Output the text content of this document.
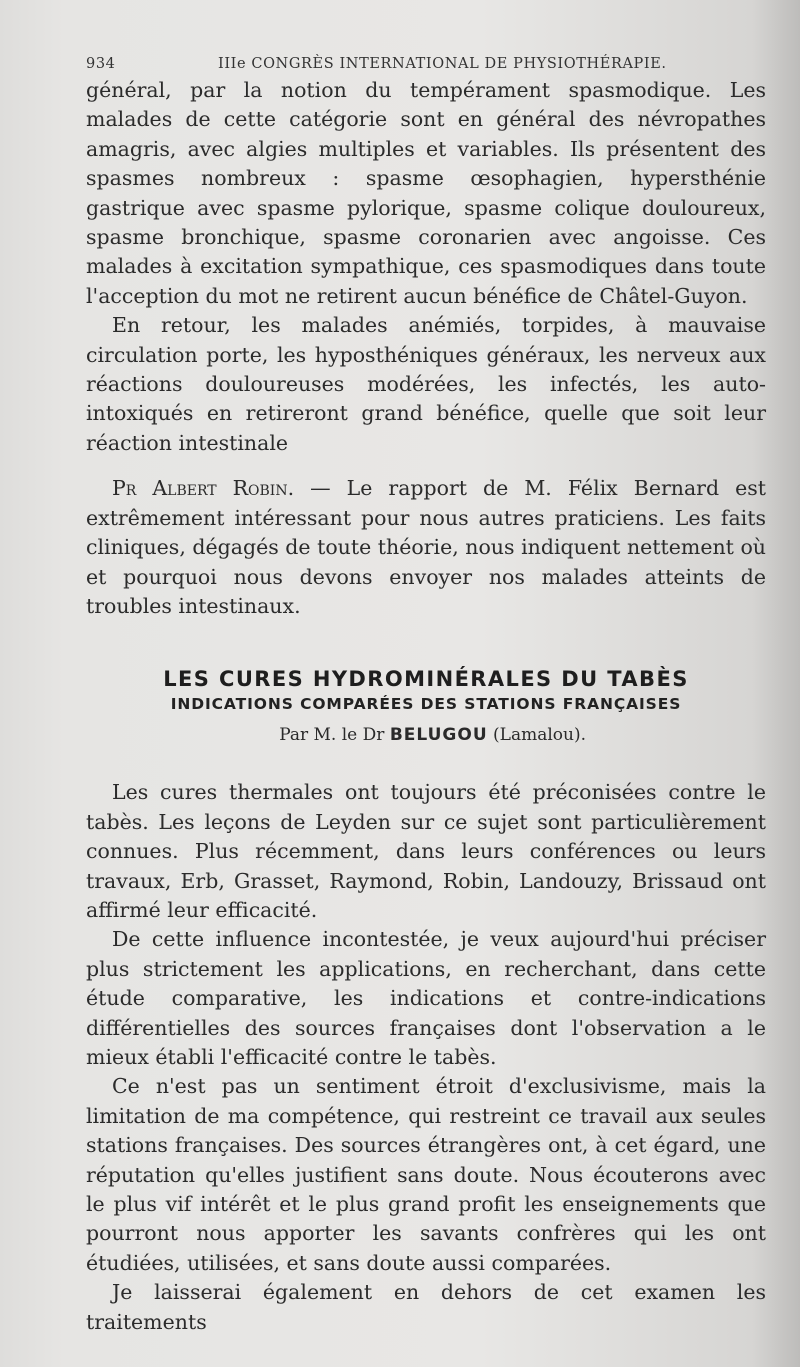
934	IIIe CONGRÈS INTERNATIONAL DE PHYSIOTHÉRAPIE.

général, par la notion du tempérament spasmodique. Les malades de cette catégorie sont en général des névropathes amagris, avec algies multiples et variables. Ils présentent des spasmes nombreux : spasme œsophagien, hypersthénie gastrique avec spasme pylorique, spasme colique douloureux, spasme bronchique, spasme coronarien avec angoisse. Ces malades à excitation sympathique, ces spasmodiques dans toute l'acception du mot ne retirent aucun bénéfice de Châtel-Guyon.

En retour, les malades anémiés, torpides, à mauvaise circulation porte, les hyposthéniques généraux, les nerveux aux réactions douloureuses modérées, les infectés, les auto-intoxiqués en retireront grand bénéfice, quelle que soit leur réaction intestinale

Pr Albert Robin. — Le rapport de M. Félix Bernard est extrêmement intéressant pour nous autres praticiens. Les faits cliniques, dégagés de toute théorie, nous indiquent nettement où et pourquoi nous devons envoyer nos malades atteints de troubles intestinaux.

LES CURES HYDROMINÉRALES DU TABÈS
INDICATIONS COMPARÉES DES STATIONS FRANÇAISES
Par M. le Dr BELUGOU (Lamalou).

Les cures thermales ont toujours été préconisées contre le tabès. Les leçons de Leyden sur ce sujet sont particulièrement connues. Plus récemment, dans leurs conférences ou leurs travaux, Erb, Grasset, Raymond, Robin, Landouzy, Brissaud ont affirmé leur efficacité.

De cette influence incontestée, je veux aujourd'hui préciser plus strictement les applications, en recherchant, dans cette étude comparative, les indications et contre-indications différentielles des sources françaises dont l'observation a le mieux établi l'efficacité contre le tabès.

Ce n'est pas un sentiment étroit d'exclusivisme, mais la limitation de ma compétence, qui restreint ce travail aux seules stations françaises. Des sources étrangères ont, à cet égard, une réputation qu'elles justifient sans doute. Nous écouterons avec le plus vif intérêt et le plus grand profit les enseignements que pourront nous apporter les savants confrères qui les ont étudiées, utilisées, et sans doute aussi comparées.

Je laisserai également en dehors de cet examen les traitements
